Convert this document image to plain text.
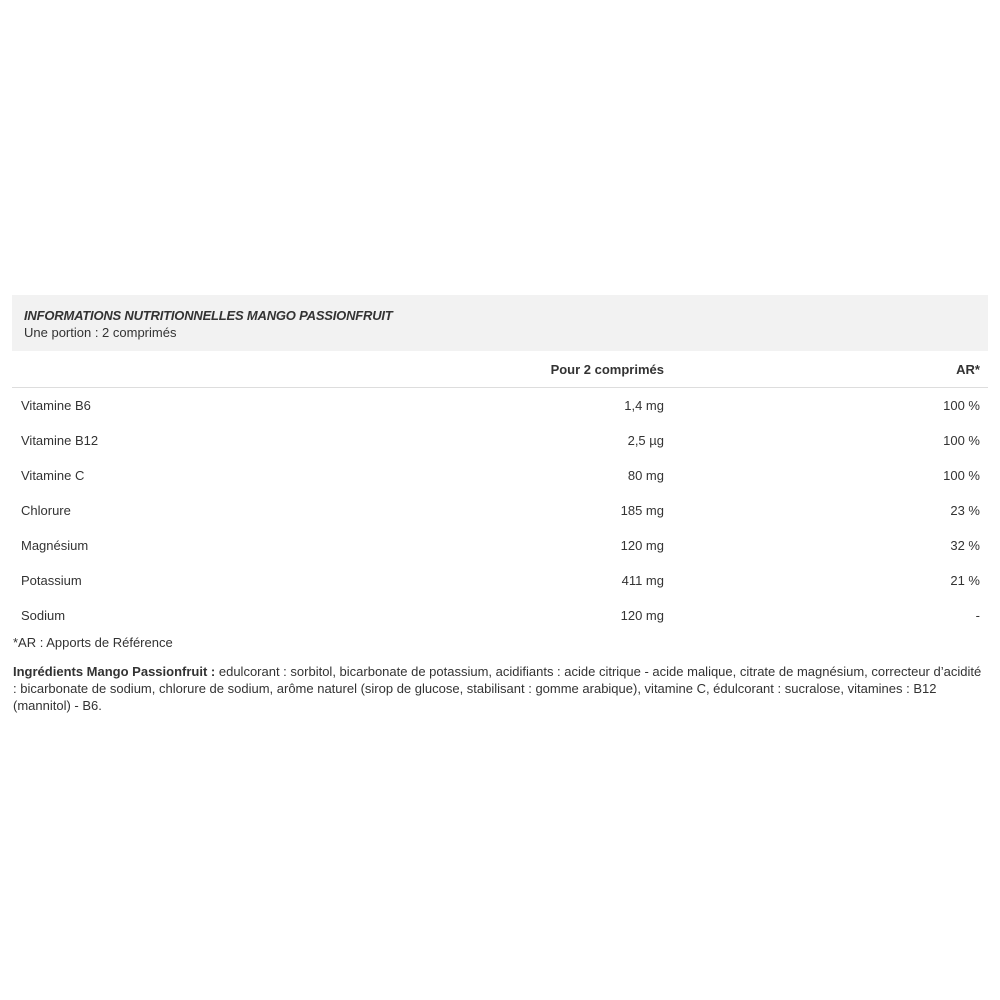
INFORMATIONS NUTRITIONNELLES MANGO PASSIONFRUIT
Une portion : 2 comprimés
	Pour 2 comprimés	AR*
Vitamine B6	1,4 mg	100 %
Vitamine B12	2,5 µg	100 %
Vitamine C	80 mg	100 %
Chlorure	185 mg	23 %
Magnésium	120 mg	32 %
Potassium	411 mg	21 %
Sodium	120 mg	-
*AR : Apports de Référence
Ingrédients Mango Passionfruit : edulcorant : sorbitol, bicarbonate de potassium, acidifiants : acide citrique - acide malique, citrate de magnésium, correcteur d’acidité : bicarbonate de sodium, chlorure de sodium, arôme naturel (sirop de glucose, stabilisant : gomme arabique), vitamine C, édulcorant : sucralose, vitamines : B12 (mannitol) - B6.
